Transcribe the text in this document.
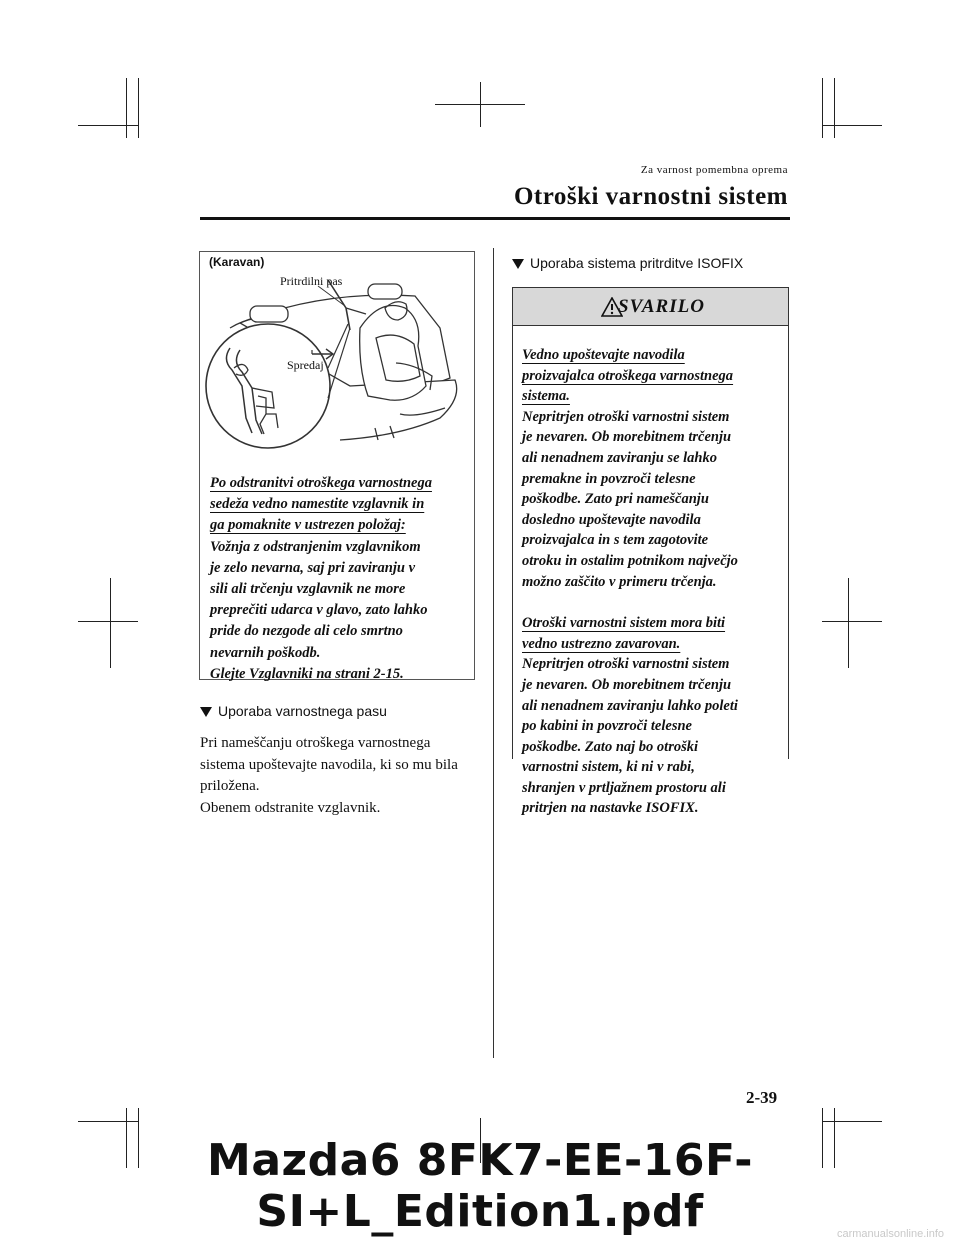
Za varnost pomembna oprema
Otroški varnostni sistem
(Karavan)
Pritrdilni pas
Spredaj
Po odstranitvi otroškega varnostnega
sedeža vedno namestite vzglavnik in
ga pomaknite v ustrezen položaj:
Vožnja z odstranjenim vzglavnikom
je zelo nevarna, saj pri zaviranju v
sili ali trčenju vzglavnik ne more
preprečiti udarca v glavo, zato lahko
pride do nezgode ali celo smrtno
nevarnih poškodb.
Glejte Vzglavniki na strani 2-15.
Uporaba varnostnega pasu
Pri nameščanju otroškega varnostnega
sistema upoštevajte navodila, ki so mu bila
priložena.
Obenem odstranite vzglavnik.
Uporaba sistema pritrditve ISOFIX
SVARILO
Vedno upoštevajte navodila
proizvajalca otroškega varnostnega
sistema.
Nepritrjen otroški varnostni sistem
je nevaren. Ob morebitnem trčenju
ali nenadnem zaviranju se lahko
premakne in povzroči telesne
poškodbe. Zato pri nameščanju
dosledno upoštevajte navodila
proizvajalca in s tem zagotovite
otroku in ostalim potnikom največjo
možno zaščito v primeru trčenja.
Otroški varnostni sistem mora biti
vedno ustrezno zavarovan.
Nepritrjen otroški varnostni sistem
je nevaren. Ob morebitnem trčenju
ali nenadnem zaviranju lahko poleti
po kabini in povzroči telesne
poškodbe. Zato naj bo otroški
varnostni sistem, ki ni v rabi,
shranjen v prtljažnem prostoru ali
pritrjen na nastavke ISOFIX.
2-39
Mazda6 8FK7-EE-16F-SI+L_Edition1.pdf	carmanualsonline.info
